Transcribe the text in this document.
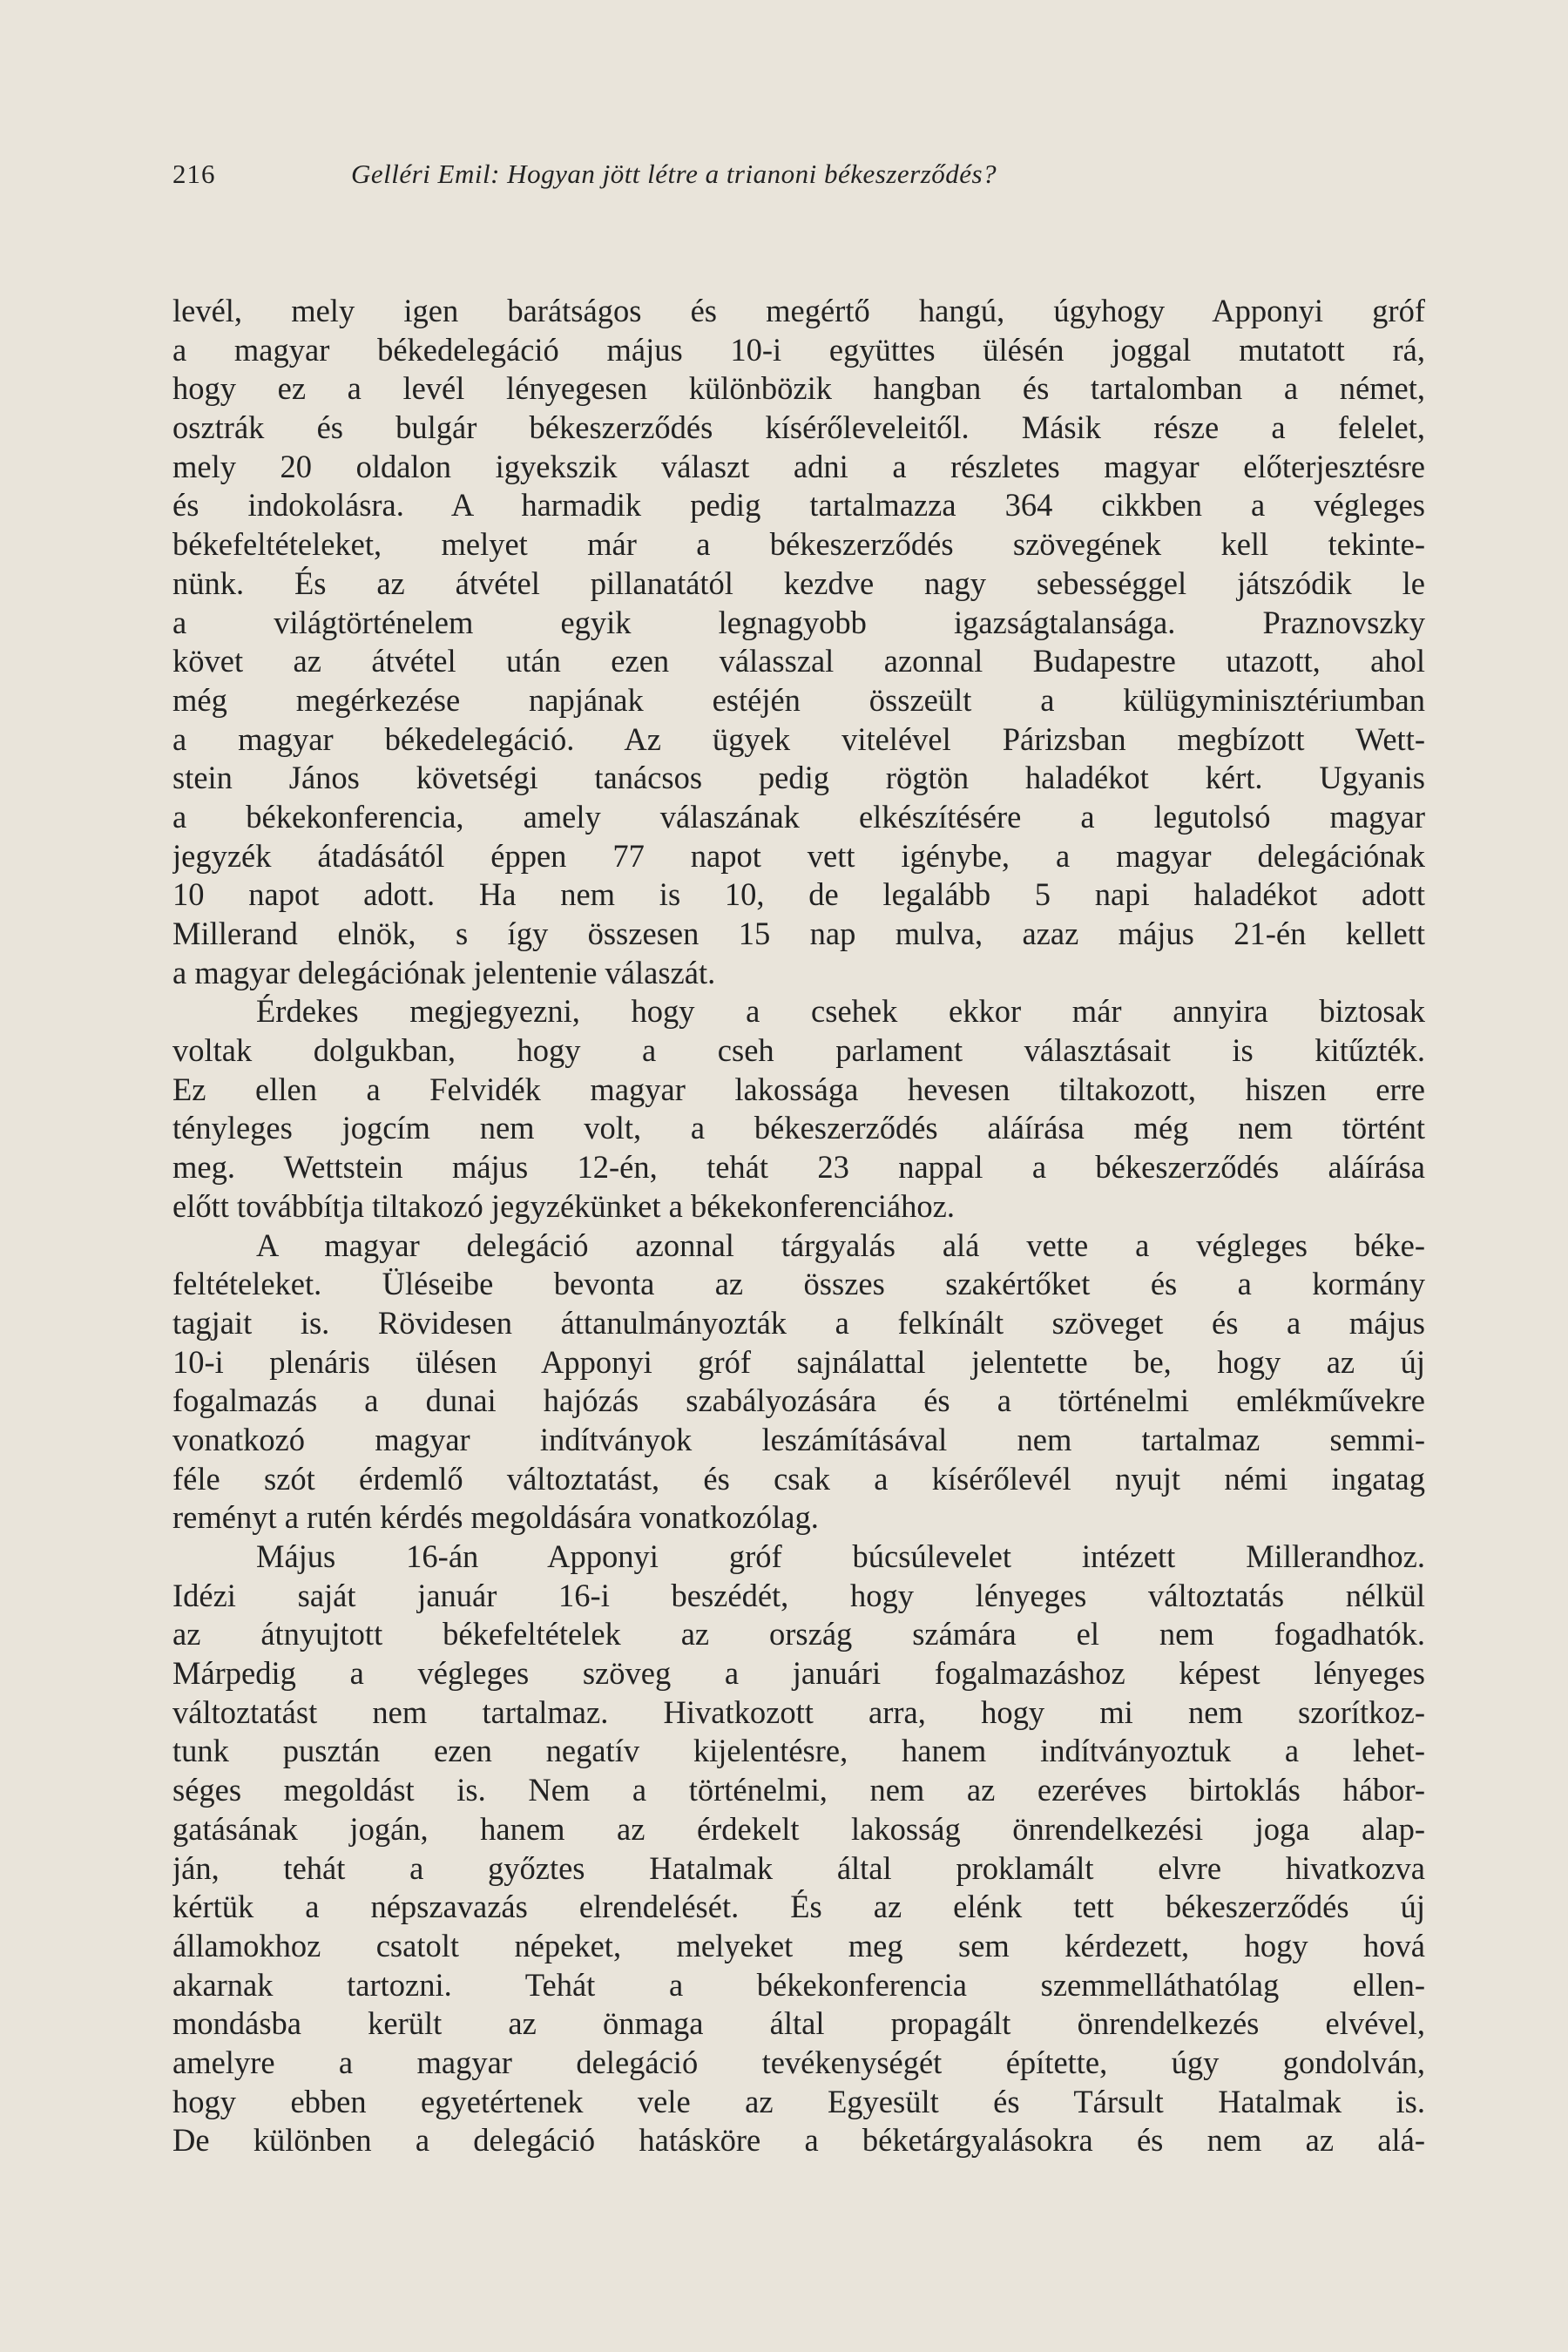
216	Gelléri Emil: Hogyan jött létre a trianoni békeszerződés?
levél, mely igen barátságos és megértő hangú, úgyhogy Apponyi gróf
a magyar békedelegáció május 10-i együttes ülésén joggal mutatott rá,
hogy ez a levél lényegesen különbözik hangban és tartalomban a német,
osztrák és bulgár békeszerződés kísérőleveleitől. Másik része a felelet,
mely 20 oldalon igyekszik választ adni a részletes magyar előterjesztésre
és indokolásra. A harmadik pedig tartalmazza 364 cikkben a végleges
békefeltételeket, melyet már a békeszerződés szövegének kell tekinte-
nünk. És az átvétel pillanatától kezdve nagy sebességgel játszódik le
a világtörténelem egyik legnagyobb igazságtalansága. Praznovszky
követ az átvétel után ezen válasszal azonnal Budapestre utazott, ahol
még megérkezése napjának estéjén összeült a külügyminisztériumban
a magyar békedelegáció. Az ügyek vitelével Párizsban megbízott Wett-
stein János követségi tanácsos pedig rögtön haladékot kért. Ugyanis
a békekonferencia, amely válaszának elkészítésére a legutolsó magyar
jegyzék átadásától éppen 77 napot vett igénybe, a magyar delegációnak
10 napot adott. Ha nem is 10, de legalább 5 napi haladékot adott
Millerand elnök, s így összesen 15 nap mulva, azaz május 21-én kellett
a magyar delegációnak jelentenie válaszát.
Érdekes megjegyezni, hogy a csehek ekkor már annyira biztosak
voltak dolgukban, hogy a cseh parlament választásait is kitűzték.
Ez ellen a Felvidék magyar lakossága hevesen tiltakozott, hiszen erre
tényleges jogcím nem volt, a békeszerződés aláírása még nem történt
meg. Wettstein május 12-én, tehát 23 nappal a békeszerződés aláírása
előtt továbbítja tiltakozó jegyzékünket a békekonferenciához.
A magyar delegáció azonnal tárgyalás alá vette a végleges béke-
feltételeket. Üléseibe bevonta az összes szakértőket és a kormány
tagjait is. Rövidesen áttanulmányozták a felkínált szöveget és a május
10-i plenáris ülésen Apponyi gróf sajnálattal jelentette be, hogy az új
fogalmazás a dunai hajózás szabályozására és a történelmi emlékművekre
vonatkozó magyar indítványok leszámításával nem tartalmaz semmi-
féle szót érdemlő változtatást, és csak a kísérőlevél nyujt némi ingatag
reményt a rutén kérdés megoldására vonatkozólag.
Május 16-án Apponyi gróf búcsúlevelet intézett Millerandhoz.
Idézi saját január 16-i beszédét, hogy lényeges változtatás nélkül
az átnyujtott békefeltételek az ország számára el nem fogadhatók.
Márpedig a végleges szöveg a januári fogalmazáshoz képest lényeges
változtatást nem tartalmaz. Hivatkozott arra, hogy mi nem szorítkoz-
tunk pusztán ezen negatív kijelentésre, hanem indítványoztuk a lehet-
séges megoldást is. Nem a történelmi, nem az ezeréves birtoklás hábor-
gatásának jogán, hanem az érdekelt lakosság önrendelkezési joga alap-
ján, tehát a győztes Hatalmak által proklamált elvre hivatkozva
kértük a népszavazás elrendelését. És az elénk tett békeszerződés új
államokhoz csatolt népeket, melyeket meg sem kérdezett, hogy hová
akarnak tartozni. Tehát a békekonferencia szemmelláthatólag ellen-
mondásba került az önmaga által propagált önrendelkezés elvével,
amelyre a magyar delegáció tevékenységét építette, úgy gondolván,
hogy ebben egyetértenek vele az Egyesült és Társult Hatalmak is.
De különben a delegáció hatásköre a béketárgyalásokra és nem az alá-
